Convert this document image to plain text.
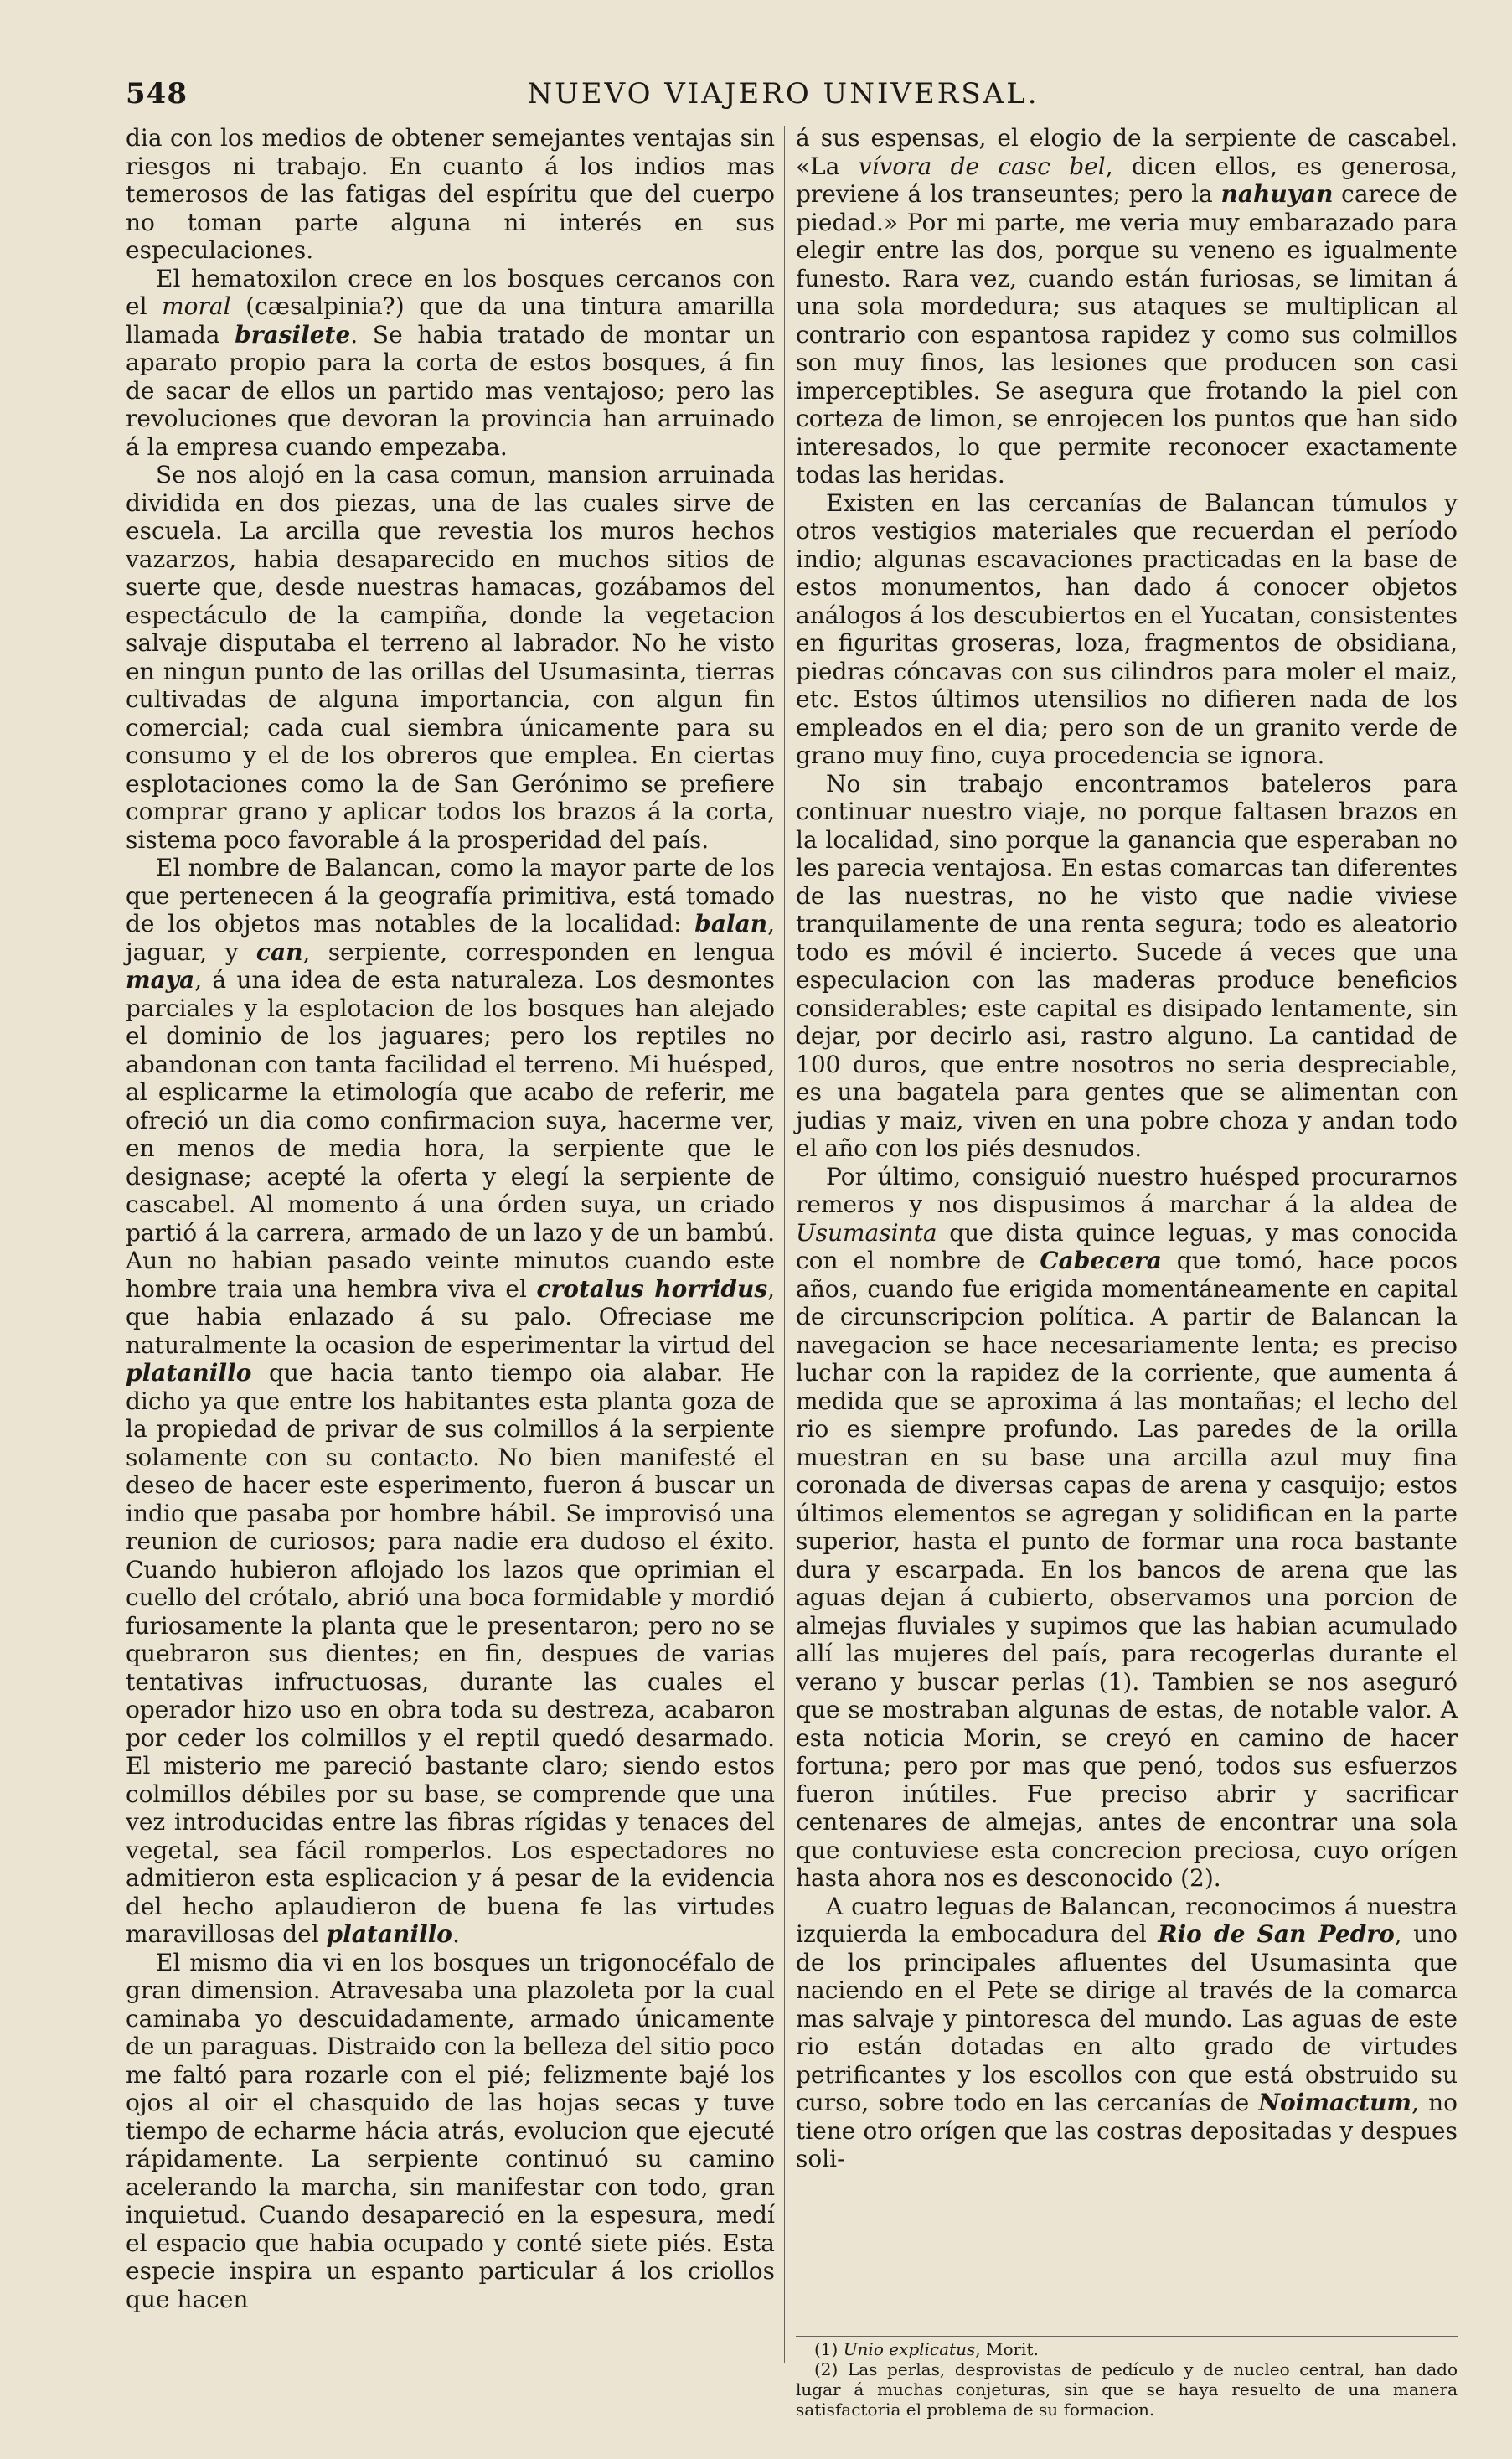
548	NUEVO VIAJERO UNIVERSAL.

dia con los medios de obtener semejantes ventajas sin riesgos ni trabajo. En cuanto á los indios mas temerosos de las fatigas del espíritu que del cuerpo no toman parte alguna ni interés en sus especulaciones.

El hematoxilon crece en los bosques cercanos con el moral (cæsalpinia?) que da una tintura amarilla llamada brasilete. Se habia tratado de montar un aparato propio para la corta de estos bosques, á fin de sacar de ellos un partido mas ventajoso; pero las revoluciones que devoran la provincia han arruinado á la empresa cuando empezaba.

Se nos alojó en la casa comun, mansion arruinada dividida en dos piezas, una de las cuales sirve de escuela. La arcilla que revestia los muros hechos vazarzos, habia desaparecido en muchos sitios de suerte que, desde nuestras hamacas, gozábamos del espectáculo de la campiña, donde la vegetacion salvaje disputaba el terreno al labrador. No he visto en ningun punto de las orillas del Usumasinta, tierras cultivadas de alguna importancia, con algun fin comercial; cada cual siembra únicamente para su consumo y el de los obreros que emplea. En ciertas esplotaciones como la de San Gerónimo se prefiere comprar grano y aplicar todos los brazos á la corta, sistema poco favorable á la prosperidad del país.

El nombre de Balancan, como la mayor parte de los que pertenecen á la geografía primitiva, está tomado de los objetos mas notables de la localidad: balan, jaguar, y can, serpiente, corresponden en lengua maya, á una idea de esta naturaleza. Los desmontes parciales y la esplotacion de los bosques han alejado el dominio de los jaguares; pero los reptiles no abandonan con tanta facilidad el terreno. Mi huésped, al esplicarme la etimología que acabo de referir, me ofreció un dia como confirmacion suya, hacerme ver, en menos de media hora, la serpiente que le designase; acepté la oferta y elegí la serpiente de cascabel. Al momento á una órden suya, un criado partió á la carrera, armado de un lazo y de un bambú. Aun no habian pasado veinte minutos cuando este hombre traia una hembra viva el crotalus horridus, que habia enlazado á su palo. Ofreciase me naturalmente la ocasion de esperimentar la virtud del platanillo que hacia tanto tiempo oia alabar. He dicho ya que entre los habitantes esta planta goza de la propiedad de privar de sus colmillos á la serpiente solamente con su contacto. No bien manifesté el deseo de hacer este esperimento, fueron á buscar un indio que pasaba por hombre hábil. Se improvisó una reunion de curiosos; para nadie era dudoso el éxito. Cuando hubieron aflojado los lazos que oprimian el cuello del crótalo, abrió una boca formidable y mordió furiosamente la planta que le presentaron; pero no se quebraron sus dientes; en fin, despues de varias tentativas infructuosas, durante las cuales el operador hizo uso en obra toda su destreza, acabaron por ceder los colmillos y el reptil quedó desarmado. El misterio me pareció bastante claro; siendo estos colmillos débiles por su base, se comprende que una vez introducidas entre las fibras rígidas y tenaces del vegetal, sea fácil romperlos. Los espectadores no admitieron esta esplicacion y á pesar de la evidencia del hecho aplaudieron de buena fe las virtudes maravillosas del platanillo.

El mismo dia vi en los bosques un trigonocéfalo de gran dimension. Atravesaba una plazoleta por la cual caminaba yo descuidadamente, armado únicamente de un paraguas. Distraido con la belleza del sitio poco me faltó para rozarle con el pié; felizmente bajé los ojos al oir el chasquido de las hojas secas y tuve tiempo de echarme hácia atrás, evolucion que ejecuté rápidamente. La serpiente continuó su camino acelerando la marcha, sin manifestar con todo, gran inquietud. Cuando desapareció en la espesura, medí el espacio que habia ocupado y conté siete piés. Esta especie inspira un espanto particular á los criollos que hacen

á sus espensas, el elogio de la serpiente de cascabel. «La vívora de casc bel, dicen ellos, es generosa, previene á los transeuntes; pero la nahuyan carece de piedad.» Por mi parte, me veria muy embarazado para elegir entre las dos, porque su veneno es igualmente funesto. Rara vez, cuando están furiosas, se limitan á una sola mordedura; sus ataques se multiplican al contrario con espantosa rapidez y como sus colmillos son muy finos, las lesiones que producen son casi imperceptibles. Se asegura que frotando la piel con corteza de limon, se enrojecen los puntos que han sido interesados, lo que permite reconocer exactamente todas las heridas.

Existen en las cercanías de Balancan túmulos y otros vestigios materiales que recuerdan el período indio; algunas escavaciones practicadas en la base de estos monumentos, han dado á conocer objetos análogos á los descubiertos en el Yucatan, consistentes en figuritas groseras, loza, fragmentos de obsidiana, piedras cóncavas con sus cilindros para moler el maiz, etc. Estos últimos utensilios no difieren nada de los empleados en el dia; pero son de un granito verde de grano muy fino, cuya procedencia se ignora.

No sin trabajo encontramos bateleros para continuar nuestro viaje, no porque faltasen brazos en la localidad, sino porque la ganancia que esperaban no les parecia ventajosa. En estas comarcas tan diferentes de las nuestras, no he visto que nadie viviese tranquilamente de una renta segura; todo es aleatorio todo es móvil é incierto. Sucede á veces que una especulacion con las maderas produce beneficios considerables; este capital es disipado lentamente, sin dejar, por decirlo asi, rastro alguno. La cantidad de 100 duros, que entre nosotros no seria despreciable, es una bagatela para gentes que se alimentan con judias y maiz, viven en una pobre choza y andan todo el año con los piés desnudos.

Por último, consiguió nuestro huésped procurarnos remeros y nos dispusimos á marchar á la aldea de Usumasinta que dista quince leguas, y mas conocida con el nombre de Cabecera que tomó, hace pocos años, cuando fue erigida momentáneamente en capital de circunscripcion política. A partir de Balancan la navegacion se hace necesariamente lenta; es preciso luchar con la rapidez de la corriente, que aumenta á medida que se aproxima á las montañas; el lecho del rio es siempre profundo. Las paredes de la orilla muestran en su base una arcilla azul muy fina coronada de diversas capas de arena y casquijo; estos últimos elementos se agregan y solidifican en la parte superior, hasta el punto de formar una roca bastante dura y escarpada. En los bancos de arena que las aguas dejan á cubierto, observamos una porcion de almejas fluviales y supimos que las habian acumulado allí las mujeres del país, para recogerlas durante el verano y buscar perlas (1). Tambien se nos aseguró que se mostraban algunas de estas, de notable valor. A esta noticia Morin, se creyó en camino de hacer fortuna; pero por mas que penó, todos sus esfuerzos fueron inútiles. Fue preciso abrir y sacrificar centenares de almejas, antes de encontrar una sola que contuviese esta concrecion preciosa, cuyo orígen hasta ahora nos es desconocido (2).

A cuatro leguas de Balancan, reconocimos á nuestra izquierda la embocadura del Rio de San Pedro, uno de los principales afluentes del Usumasinta que naciendo en el Pete se dirige al través de la comarca mas salvaje y pintoresca del mundo. Las aguas de este rio están dotadas en alto grado de virtudes petrificantes y los escollos con que está obstruido su curso, sobre todo en las cercanías de Noimactum, no tiene otro orígen que las costras depositadas y despues soli-

(1) Unio explicatus, Morit.

(2) Las perlas, desprovistas de pedículo y de nucleo central, han dado lugar á muchas conjeturas, sin que se haya resuelto de una manera satisfactoria el problema de su formacion.
